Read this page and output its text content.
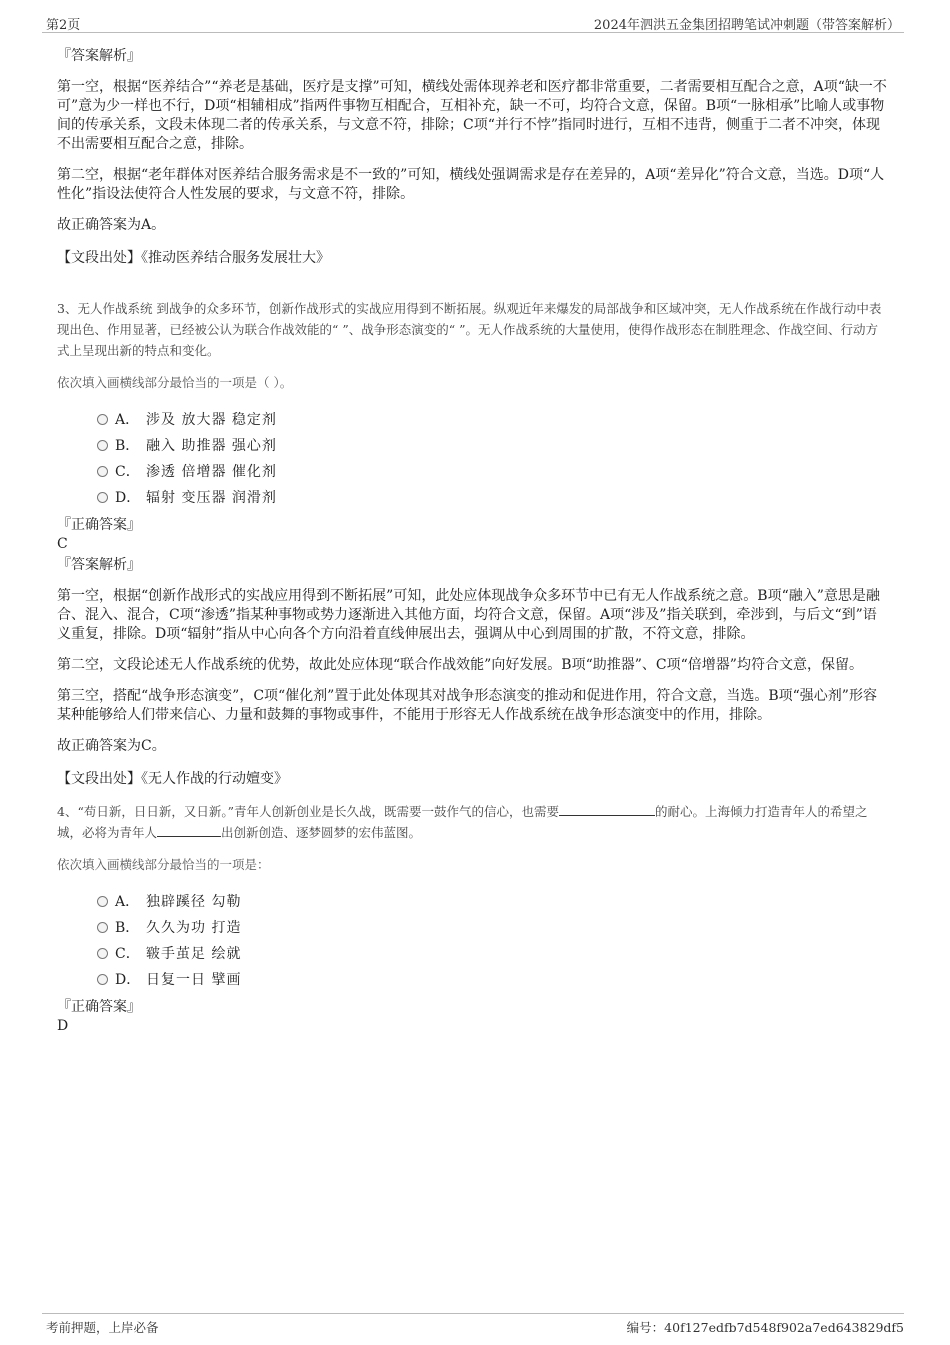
第2页	2024年泗洪五金集团招聘笔试冲刺题（带答案解析）

『答案解析』

第一空，根据“医养结合”“养老是基础，医疗是支撑”可知，横线处需体现养老和医疗都非常重要，二者需要相互配合之意，A项“缺一不可”意为少一样也不行，D项“相辅相成”指两件事物互相配合，互相补充，缺一不可，均符合文意，保留。B项“一脉相承”比喻人或事物间的传承关系，文段未体现二者的传承关系，与文意不符，排除；C项“并行不悖”指同时进行，互相不违背，侧重于二者不冲突，体现不出需要相互配合之意，排除。

第二空，根据“老年群体对医养结合服务需求是不一致的”可知，横线处强调需求是存在差异的，A项“差异化”符合文意，当选。D项“人性化”指设法使符合人性发展的要求，与文意不符，排除。

故正确答案为A。

【文段出处】《推动医养结合服务发展壮大》

3、无人作战系统 到战争的众多环节，创新作战形式的实战应用得到不断拓展。纵观近年来爆发的局部战争和区域冲突，无人作战系统在作战行动中表现出色、作用显著，已经被公认为联合作战效能的“ ”、战争形态演变的“ ”。无人作战系统的大量使用，使得作战形态在制胜理念、作战空间、行动方式上呈现出新的特点和变化。

依次填入画横线部分最恰当的一项是（ ）。

A． 涉及 放大器 稳定剂
B． 融入 助推器 强心剂
C． 渗透 倍增器 催化剂
D． 辐射 变压器 润滑剂

『正确答案』

C

『答案解析』

第一空，根据“创新作战形式的实战应用得到不断拓展”可知，此处应体现战争众多环节中已有无人作战系统之意。B项“融入”意思是融合、混入、混合，C项“渗透”指某种事物或势力逐渐进入其他方面，均符合文意，保留。A项“涉及”指关联到，牵涉到，与后文“到”语义重复，排除。D项“辐射”指从中心向各个方向沿着直线伸展出去，强调从中心到周围的扩散，不符文意，排除。

第二空，文段论述无人作战系统的优势，故此处应体现“联合作战效能”向好发展。B项“助推器”、C项“倍增器”均符合文意，保留。

第三空，搭配“战争形态演变”，C项“催化剂”置于此处体现其对战争形态演变的推动和促进作用，符合文意，当选。B项“强心剂”形容某种能够给人们带来信心、力量和鼓舞的事物或事件，不能用于形容无人作战系统在战争形态演变中的作用，排除。

故正确答案为C。

【文段出处】《无人作战的行动嬗变》

4、“苟日新，日日新，又日新。”青年人创新创业是长久战，既需要一鼓作气的信心，也需要	的耐心。上海倾力打造青年人的希望之城，必将为青年人	出创新创造、逐梦圆梦的宏伟蓝图。

依次填入画横线部分最恰当的一项是：

A． 独辟蹊径 勾勒
B． 久久为功 打造
C． 皲手茧足 绘就
D． 日复一日 擘画

『正确答案』

D

考前押题，上岸必备	编号：40f127edfb7d548f902a7ed643829df5
